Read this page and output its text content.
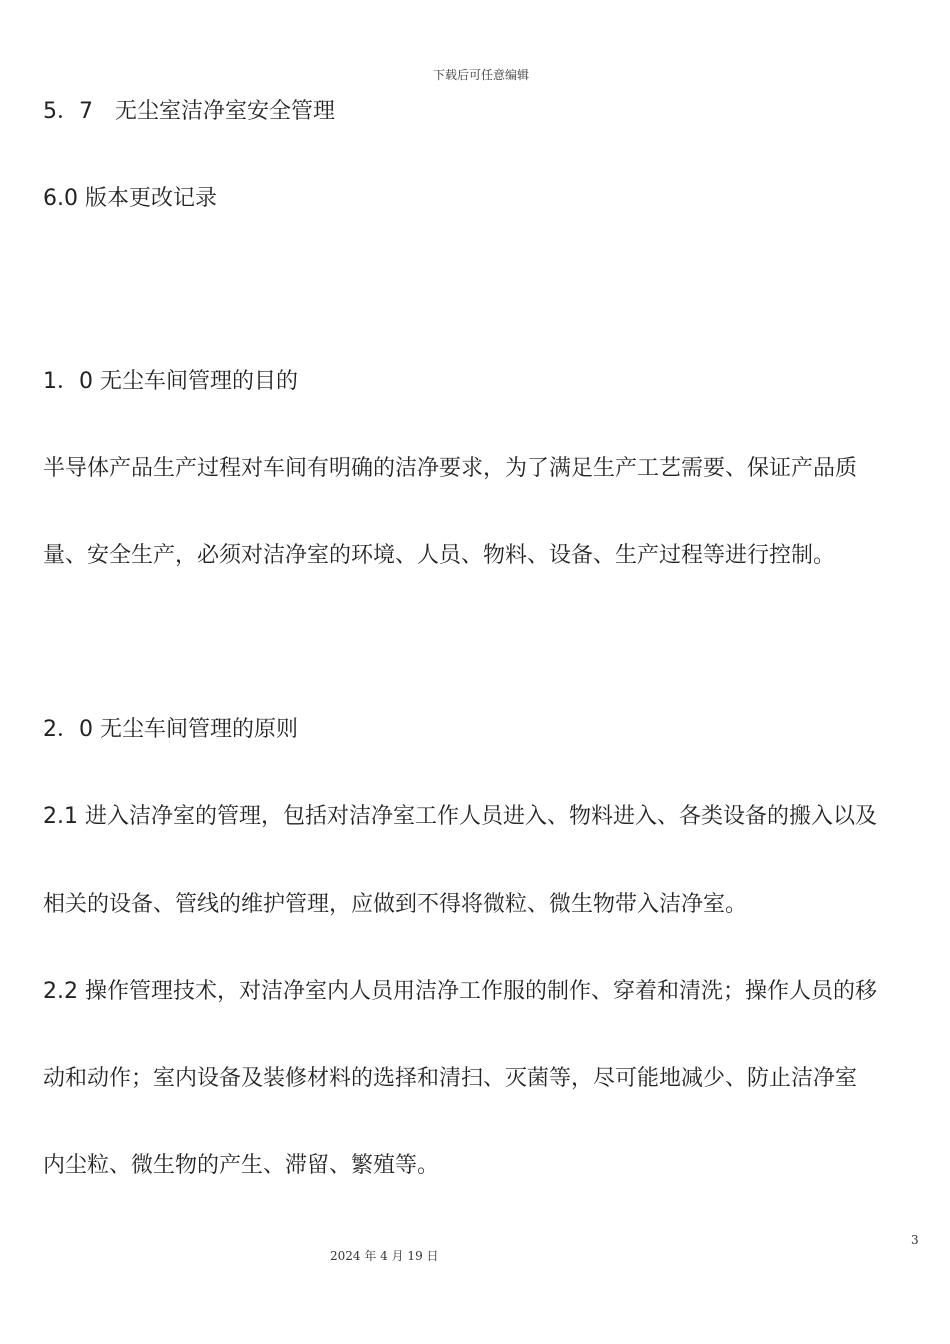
下载后可任意编辑
5．7　无尘室洁净室安全管理
6.0 版本更改记录
1．0 无尘车间管理的目的
半导体产品生产过程对车间有明确的洁净要求，为了满足生产工艺需要、保证产品质
量、安全生产，必须对洁净室的环境、人员、物料、设备、生产过程等进行控制。
2．0 无尘车间管理的原则
2.1 进入洁净室的管理，包括对洁净室工作人员进入、物料进入、各类设备的搬入以及
相关的设备、管线的维护管理，应做到不得将微粒、微生物带入洁净室。
2.2 操作管理技术，对洁净室内人员用洁净工作服的制作、穿着和清洗；操作人员的移
动和动作；室内设备及装修材料的选择和清扫、灭菌等，尽可能地减少、防止洁净室
内尘粒、微生物的产生、滞留、繁殖等。
3
2024 年 4 月 19 日
